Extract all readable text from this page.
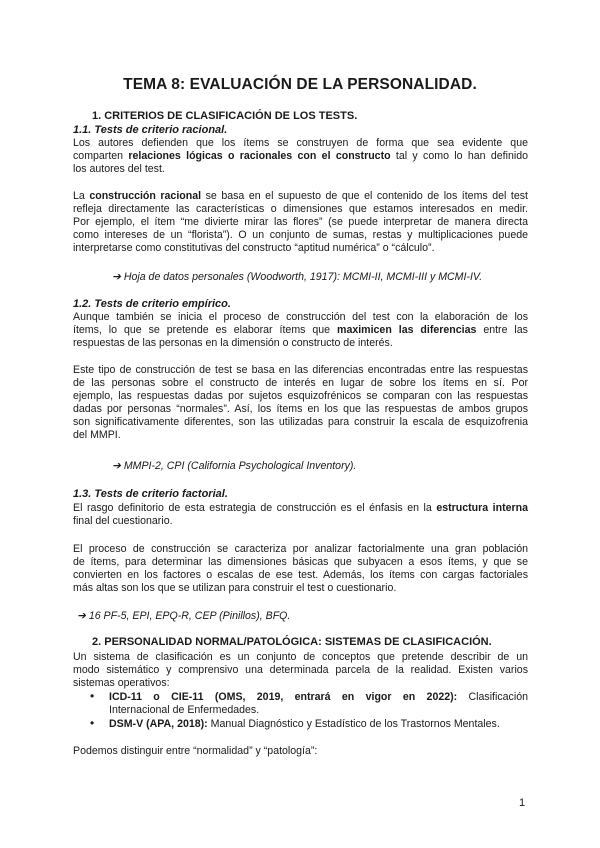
TEMA 8: EVALUACIÓN DE LA PERSONALIDAD.
1. CRITERIOS DE CLASIFICACIÓN DE LOS TESTS.
1.1. Tests de criterio racional.
Los autores defienden que los ítems se construyen de forma que sea evidente que
comparten relaciones lógicas o racionales con el constructo tal y como lo han definido
los autores del test.
La construcción racional se basa en el supuesto de que el contenido de los ítems del test
refleja directamente las características o dimensiones que estamos interesados en medir.
Por ejemplo, el ítem “me divierte mirar las flores” (se puede interpretar de manera directa
como intereses de un “florista”). O un conjunto de sumas, restas y multiplicaciones puede
interpretarse como constitutivas del constructo “aptitud numérica” o “cálculo”.
➔ Hoja de datos personales (Woodworth, 1917): MCMI-II, MCMI-III y MCMI-IV.
1.2. Tests de criterio empírico.
Aunque también se inicia el proceso de construcción del test con la elaboración de los
ítems, lo que se pretende es elaborar ítems que maximicen las diferencias entre las
respuestas de las personas en la dimensión o constructo de interés.
Este tipo de construcción de test se basa en las diferencias encontradas entre las respuestas
de las personas sobre el constructo de interés en lugar de sobre los ítems en sí. Por
ejemplo, las respuestas dadas por sujetos esquizofrénicos se comparan con las respuestas
dadas por personas “normales”. Así, los ítems en los que las respuestas de ambos grupos
son significativamente diferentes, son las utilizadas para construir la escala de esquizofrenia
del MMPI.
➔ MMPI-2, CPI (California Psychological Inventory).
1.3. Tests de criterio factorial.
El rasgo definitorio de esta estrategia de construcción es el énfasis en la estructura interna
final del cuestionario.
El proceso de construcción se caracteriza por analizar factorialmente una gran población
de ítems, para determinar las dimensiones básicas que subyacen a esos ítems, y que se
convierten en los factores o escalas de ese test. Además, los ítems con cargas factoriales
más altas son los que se utilizan para construir el test o cuestionario.
➔ 16 PF-5, EPI, EPQ-R, CEP (Pinillos), BFQ.
2. PERSONALIDAD NORMAL/PATOLÓGICA: SISTEMAS DE CLASIFICACIÓN.
Un sistema de clasificación es un conjunto de conceptos que pretende describir de un
modo sistemático y comprensivo una determinada parcela de la realidad. Existen varios
sistemas operativos:
• ICD-11 o CIE-11 (OMS, 2019, entrará en vigor en 2022): Clasificación
Internacional de Enfermedades.
• DSM-V (APA, 2018): Manual Diagnóstico y Estadístico de los Trastornos Mentales.
Podemos distinguir entre “normalidad” y “patología”:
1
